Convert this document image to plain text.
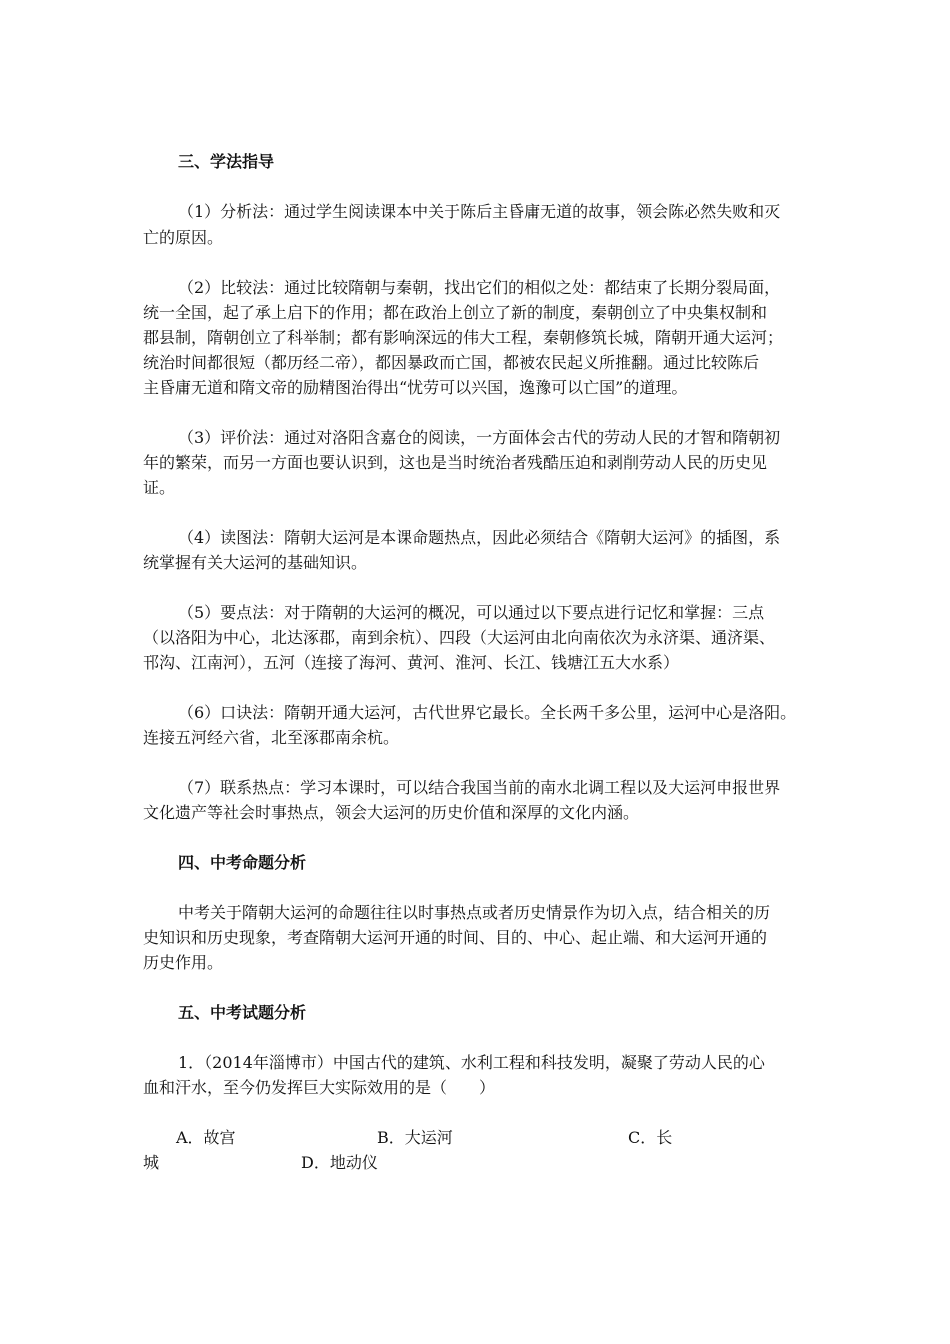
三、学法指导
（1）分析法：通过学生阅读课本中关于陈后主昏庸无道的故事，领会陈必然失败和灭
亡的原因。
（2）比较法：通过比较隋朝与秦朝，找出它们的相似之处：都结束了长期分裂局面，
统一全国，起了承上启下的作用；都在政治上创立了新的制度，秦朝创立了中央集权制和
郡县制，隋朝创立了科举制；都有影响深远的伟大工程，秦朝修筑长城，隋朝开通大运河；
统治时间都很短（都历经二帝），都因暴政而亡国，都被农民起义所推翻。通过比较陈后
主昏庸无道和隋文帝的励精图治得出“忧劳可以兴国，逸豫可以亡国”的道理。
（3）评价法：通过对洛阳含嘉仓的阅读，一方面体会古代的劳动人民的才智和隋朝初
年的繁荣，而另一方面也要认识到，这也是当时统治者残酷压迫和剥削劳动人民的历史见
证。
（4）读图法：隋朝大运河是本课命题热点，因此必须结合《隋朝大运河》的插图，系
统掌握有关大运河的基础知识。
（5）要点法：对于隋朝的大运河的概况，可以通过以下要点进行记忆和掌握：三点
（以洛阳为中心，北达涿郡，南到余杭）、四段（大运河由北向南依次为永济渠、通济渠、
邗沟、江南河），五河（连接了海河、黄河、淮河、长江、钱塘江五大水系）
（6）口诀法：隋朝开通大运河，古代世界它最长。全长两千多公里，运河中心是洛阳。
连接五河经六省，北至涿郡南余杭。
（7）联系热点：学习本课时，可以结合我国当前的南水北调工程以及大运河申报世界
文化遗产等社会时事热点，领会大运河的历史价值和深厚的文化内涵。
四、中考命题分析
中考关于隋朝大运河的命题往往以时事热点或者历史情景作为切入点，结合相关的历
史知识和历史现象，考查隋朝大运河开通的时间、目的、中心、起止端、和大运河开通的
历史作用。
五、中考试题分析
1．（2014年淄博市）中国古代的建筑、水利工程和科技发明，凝聚了劳动人民的心
血和汗水，至今仍发挥巨大实际效用的是（　　）
A．故宫	B．大运河	C．长
城	D．地动仪
